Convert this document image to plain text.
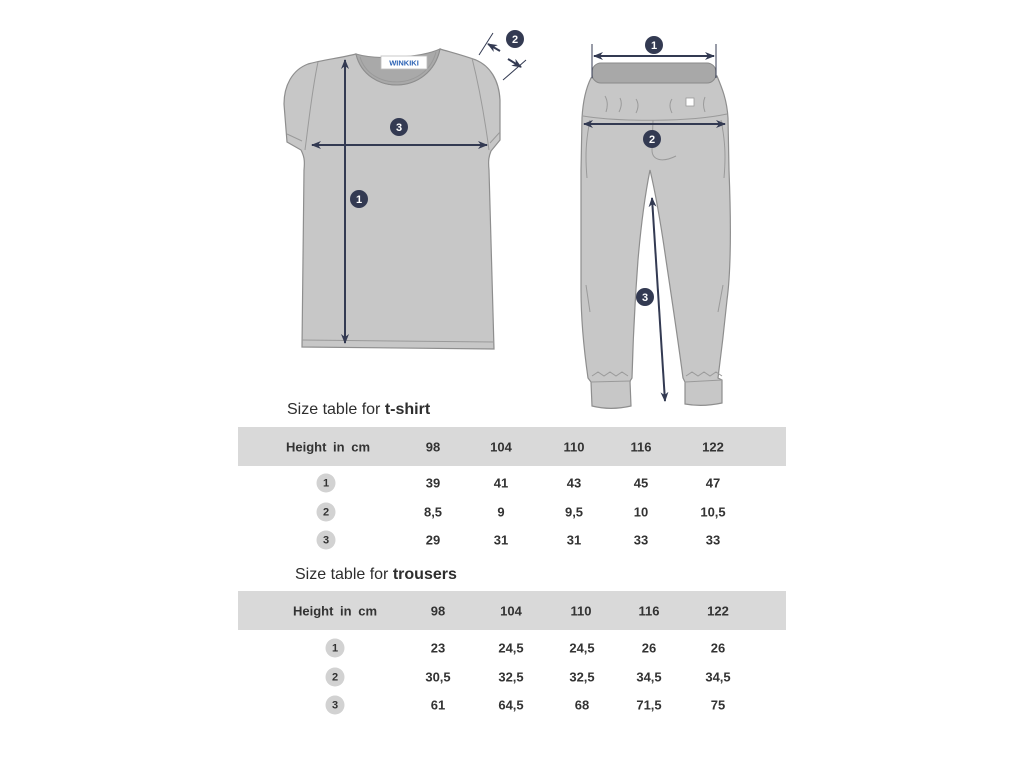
WINKIKI
1
2
3
1
2
3
Size table for t-shirt
Height in cm	98	104	110	116	122
1	39	41	43	45	47
2	8,5	9	9,5	10	10,5
3	29	31	31	33	33
Size table for trousers
Height in cm	98	104	110	116	122
1	23	24,5	24,5	26	26
2	30,5	32,5	32,5	34,5	34,5
3	61	64,5	68	71,5	75
